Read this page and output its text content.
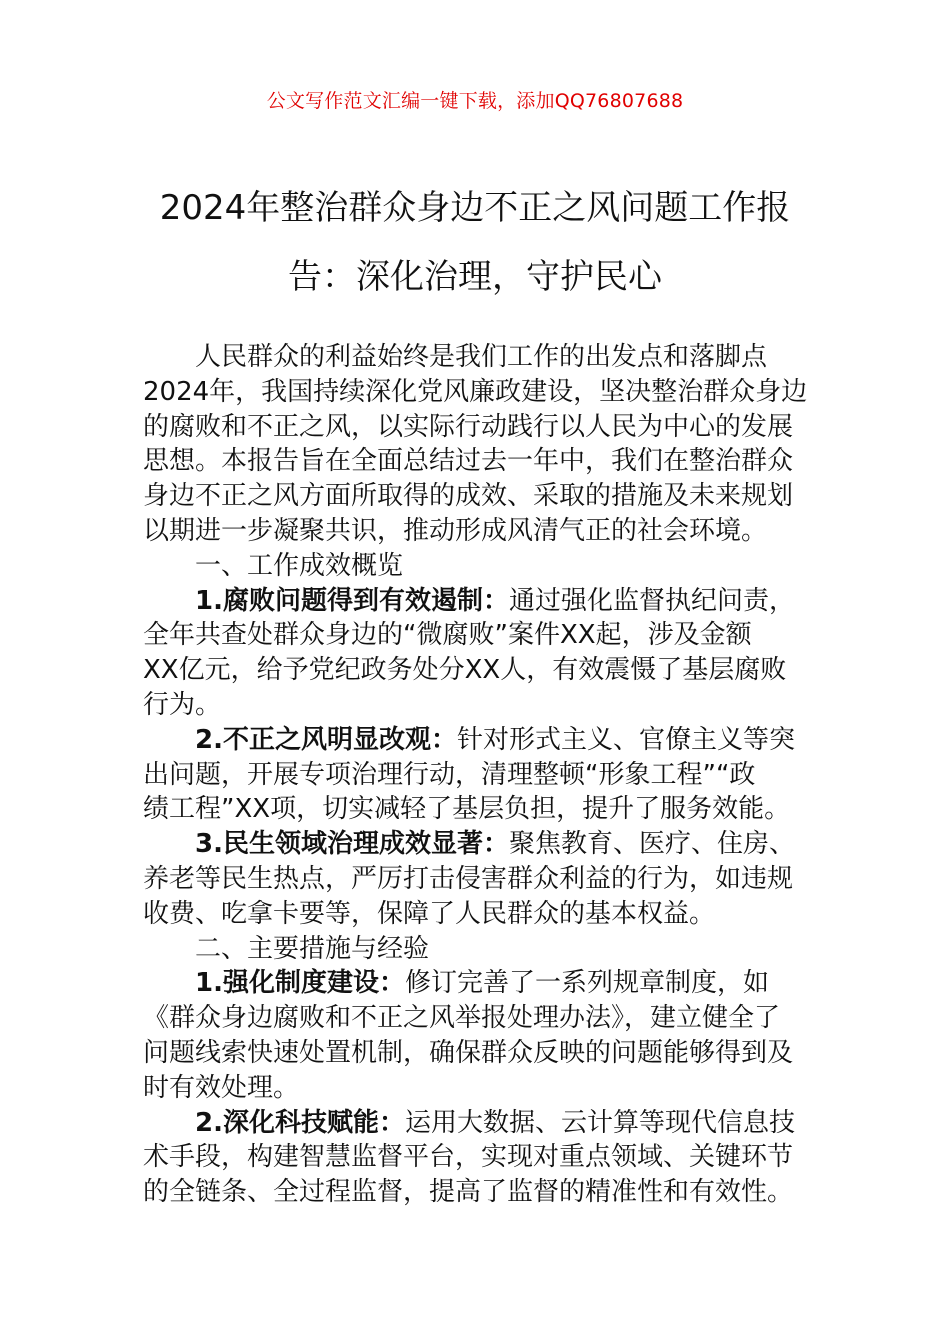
公文写作范文汇编一键下载，添加QQ76807688
2024年整治群众身边不正之风问题工作报
告：深化治理，守护民心
人民群众的利益始终是我们工作的出发点和落脚点
2024年，我国持续深化党风廉政建设，坚决整治群众身边
的腐败和不正之风，以实际行动践行以人民为中心的发展
思想。本报告旨在全面总结过去一年中，我们在整治群众
身边不正之风方面所取得的成效、采取的措施及未来规划
以期进一步凝聚共识，推动形成风清气正的社会环境。
一、工作成效概览
1.腐败问题得到有效遏制：通过强化监督执纪问责，
全年共查处群众身边的“微腐败”案件XX起，涉及金额
XX亿元，给予党纪政务处分XX人，有效震慑了基层腐败
行为。
2.不正之风明显改观：针对形式主义、官僚主义等突
出问题，开展专项治理行动，清理整顿“形象工程”“政
绩工程”XX项，切实减轻了基层负担，提升了服务效能。
3.民生领域治理成效显著：聚焦教育、医疗、住房、
养老等民生热点，严厉打击侵害群众利益的行为，如违规
收费、吃拿卡要等，保障了人民群众的基本权益。
二、主要措施与经验
1.强化制度建设：修订完善了一系列规章制度，如
《群众身边腐败和不正之风举报处理办法》，建立健全了
问题线索快速处置机制，确保群众反映的问题能够得到及
时有效处理。
2.深化科技赋能：运用大数据、云计算等现代信息技
术手段，构建智慧监督平台，实现对重点领域、关键环节
的全链条、全过程监督，提高了监督的精准性和有效性。
